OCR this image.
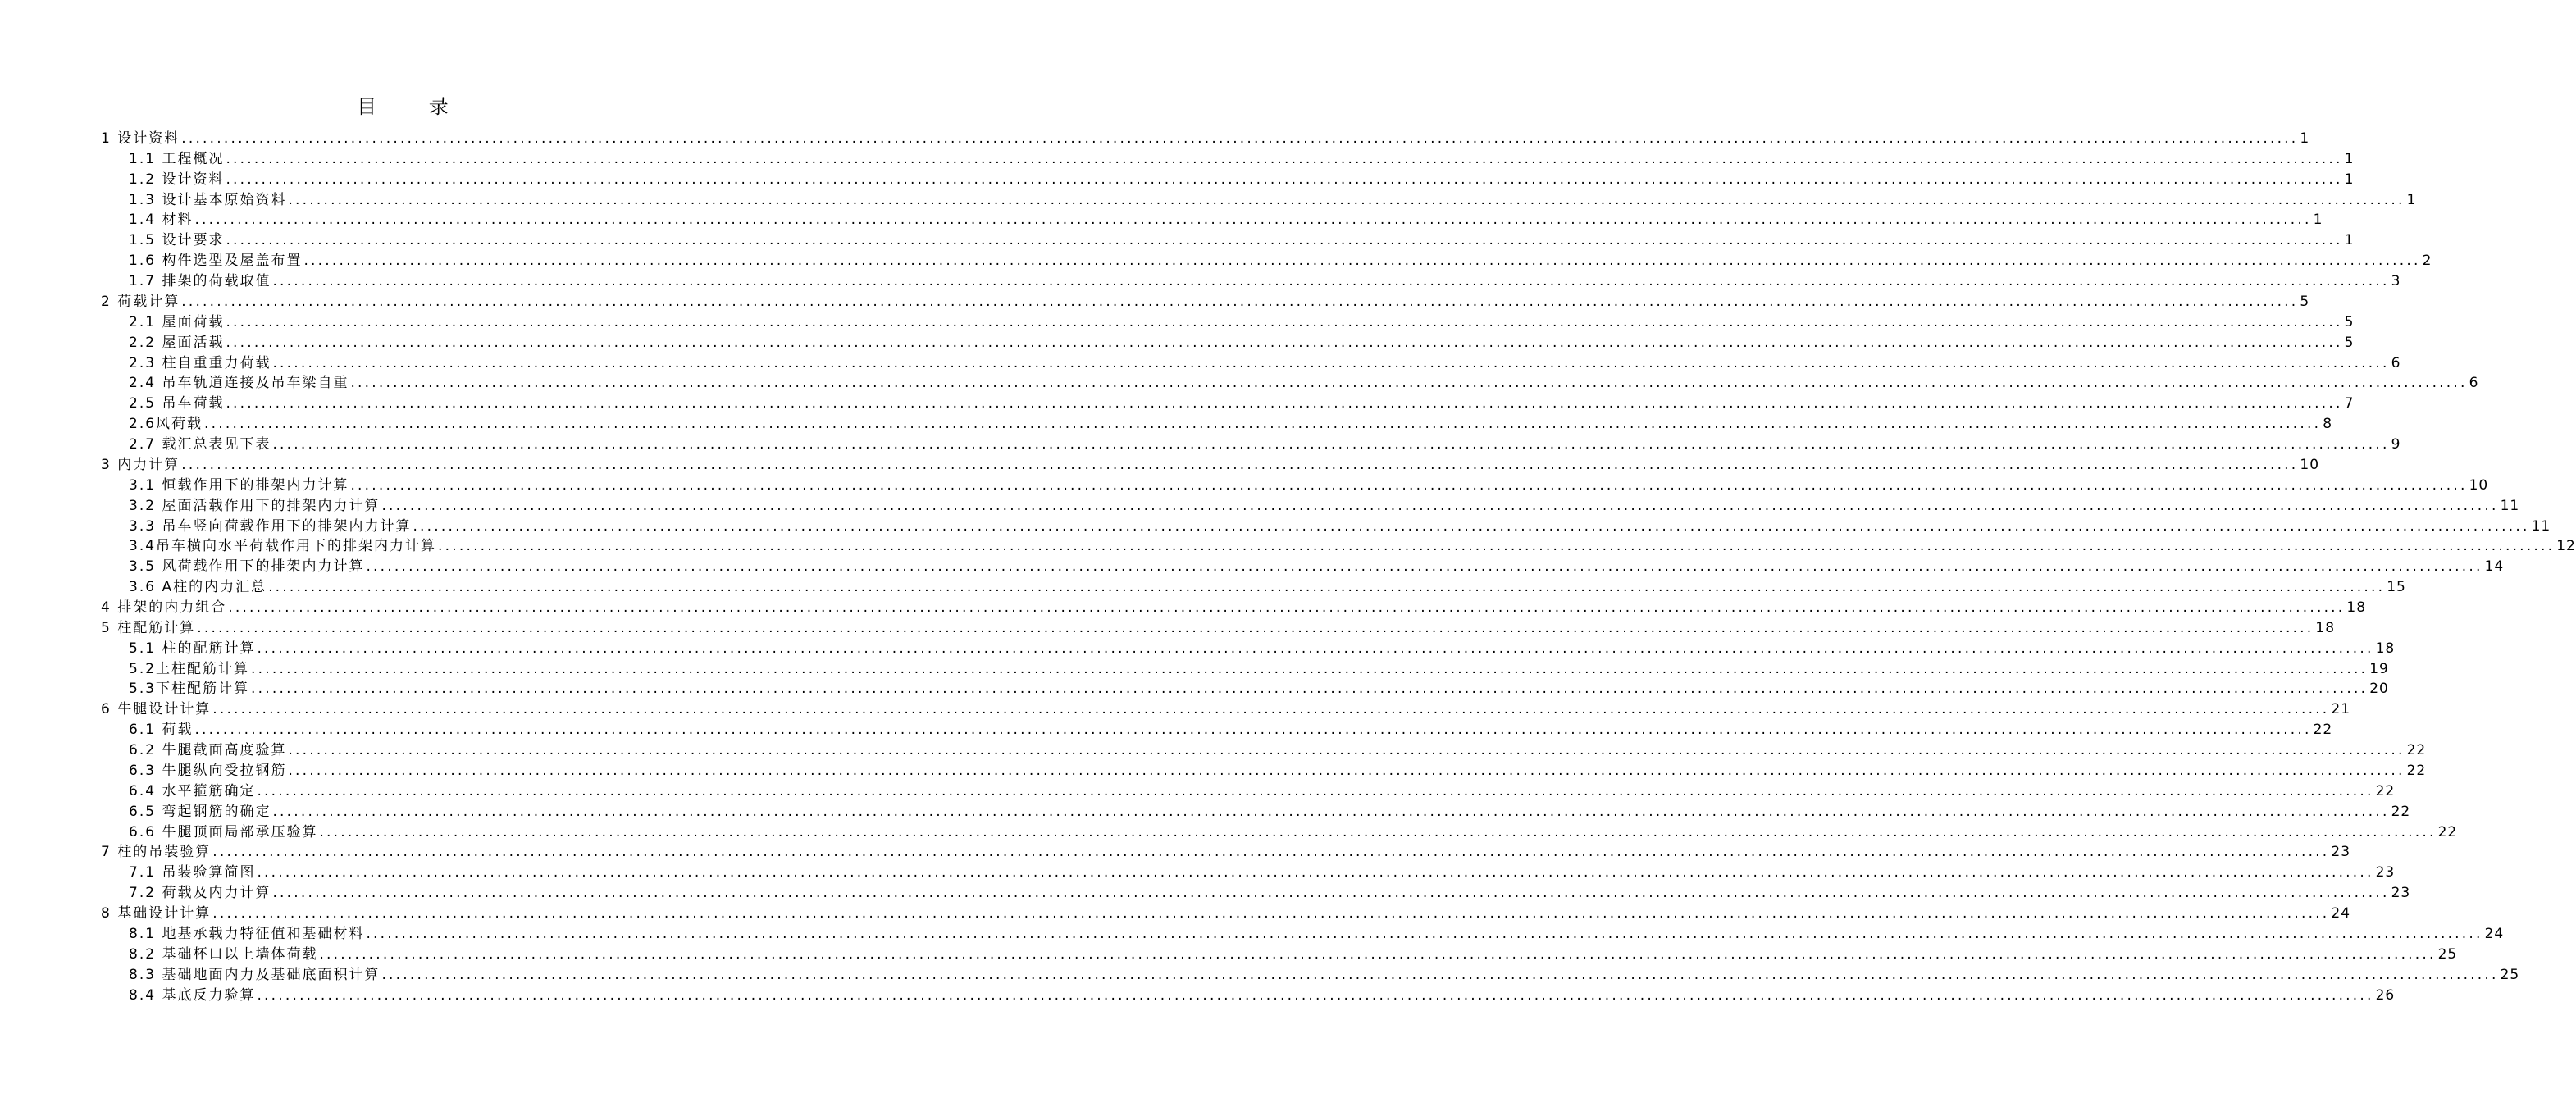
目 录
1 设计资料 ............................................................................................................................................................................................................................................................................................................ 1
1.1 工程概况 ............................................................................................................................................................................................................................................................................................................ 1
1.2 设计资料 ............................................................................................................................................................................................................................................................................................................ 1
1.3 设计基本原始资料 ............................................................................................................................................................................................................................................................................................................ 1
1.4 材料 ............................................................................................................................................................................................................................................................................................................ 1
1.5 设计要求 ............................................................................................................................................................................................................................................................................................................ 1
1.6 构件选型及屋盖布置 ............................................................................................................................................................................................................................................................................................................ 2
1.7 排架的荷载取值 ............................................................................................................................................................................................................................................................................................................ 3
2 荷载计算 ............................................................................................................................................................................................................................................................................................................ 5
2.1 屋面荷载 ............................................................................................................................................................................................................................................................................................................ 5
2.2 屋面活载 ............................................................................................................................................................................................................................................................................................................ 5
2.3 柱自重重力荷载 ............................................................................................................................................................................................................................................................................................................ 6
2.4 吊车轨道连接及吊车梁自重 ............................................................................................................................................................................................................................................................................................................ 6
2.5 吊车荷载 ............................................................................................................................................................................................................................................................................................................ 7
2.6风荷载 ............................................................................................................................................................................................................................................................................................................ 8
2.7 载汇总表见下表 ............................................................................................................................................................................................................................................................................................................ 9
3 内力计算 ............................................................................................................................................................................................................................................................................................................ 10
3.1 恒载作用下的排架内力计算 ............................................................................................................................................................................................................................................................................................................ 10
3.2 屋面活载作用下的排架内力计算 ............................................................................................................................................................................................................................................................................................................ 11
3.3 吊车竖向荷载作用下的排架内力计算 ............................................................................................................................................................................................................................................................................................................ 11
3.4吊车横向水平荷载作用下的排架内力计算 ............................................................................................................................................................................................................................................................................................................ 12
3.5 风荷载作用下的排架内力计算 ............................................................................................................................................................................................................................................................................................................ 14
3.6 A柱的内力汇总 ............................................................................................................................................................................................................................................................................................................ 15
4 排架的内力组合 ............................................................................................................................................................................................................................................................................................................ 18
5 柱配筋计算 ............................................................................................................................................................................................................................................................................................................ 18
5.1 柱的配筋计算 ............................................................................................................................................................................................................................................................................................................ 18
5.2上柱配筋计算 ............................................................................................................................................................................................................................................................................................................ 19
5.3下柱配筋计算 ............................................................................................................................................................................................................................................................................................................ 20
6 牛腿设计计算 ............................................................................................................................................................................................................................................................................................................ 21
6.1 荷载 ............................................................................................................................................................................................................................................................................................................ 22
6.2 牛腿截面高度验算 ............................................................................................................................................................................................................................................................................................................ 22
6.3 牛腿纵向受拉钢筋 ............................................................................................................................................................................................................................................................................................................ 22
6.4 水平箍筋确定 ............................................................................................................................................................................................................................................................................................................ 22
6.5 弯起钢筋的确定 ............................................................................................................................................................................................................................................................................................................ 22
6.6 牛腿顶面局部承压验算 ............................................................................................................................................................................................................................................................................................................ 22
7 柱的吊装验算 ............................................................................................................................................................................................................................................................................................................ 23
7.1 吊装验算简图 ............................................................................................................................................................................................................................................................................................................ 23
7.2 荷载及内力计算 ............................................................................................................................................................................................................................................................................................................ 23
8 基础设计计算 ............................................................................................................................................................................................................................................................................................................ 24
8.1 地基承载力特征值和基础材料 ............................................................................................................................................................................................................................................................................................................ 24
8.2 基础杯口以上墙体荷载 ............................................................................................................................................................................................................................................................................................................ 25
8.3 基础地面内力及基础底面积计算 ............................................................................................................................................................................................................................................................................................................ 25
8.4 基底反力验算 ............................................................................................................................................................................................................................................................................................................ 26
